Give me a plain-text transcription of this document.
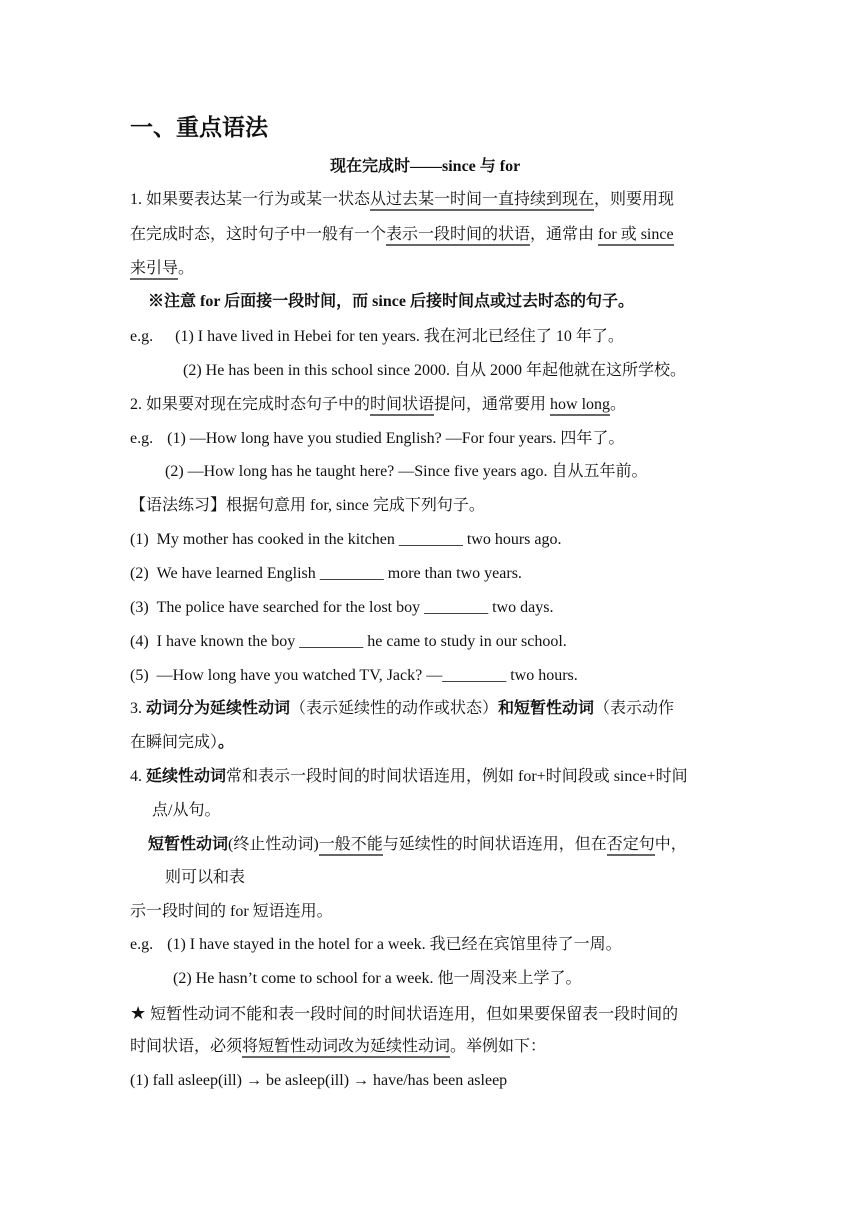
一、重点语法
现在完成时——since 与 for
1. 如果要表达某一行为或某一状态从过去某一时间一直持续到现在，则要用现
在完成时态，这时句子中一般有一个表示一段时间的状语，通常由 for 或 since
来引导。
※注意 for 后面接一段时间，而 since 后接时间点或过去时态的句子。
e.g. (1) I have lived in Hebei for ten years. 我在河北已经住了 10 年了。
(2) He has been in this school since 2000. 自从 2000 年起他就在这所学校。
2. 如果要对现在完成时态句子中的时间状语提问，通常要用 how long。
e.g. (1) —How long have you studied English? —For four years. 四年了。
(2) —How long has he taught here? —Since five years ago. 自从五年前。
【语法练习】根据句意用 for, since 完成下列句子。
(1) My mother has cooked in the kitchen ________ two hours ago.
(2) We have learned English ________ more than two years.
(3) The police have searched for the lost boy ________ two days.
(4) I have known the boy ________ he came to study in our school.
(5) —How long have you watched TV, Jack? —________ two hours.
3. 动词分为延续性动词（表示延续性的动作或状态）和短暂性动词（表示动作
在瞬间完成）。
4. 延续性动词常和表示一段时间的时间状语连用，例如 for+时间段或 since+时间
点/从句。
短暂性动词(终止性动词)一般不能与延续性的时间状语连用，但在否定句中，
则可以和表
示一段时间的 for 短语连用。
e.g. (1) I have stayed in the hotel for a week. 我已经在宾馆里待了一周。
(2) He hasn’t come to school for a week. 他一周没来上学了。
★ 短暂性动词不能和表一段时间的时间状语连用，但如果要保留表一段时间的
时间状语，必须将短暂性动词改为延续性动词。举例如下：
(1) fall asleep(ill) → be asleep(ill) → have/has been asleep
